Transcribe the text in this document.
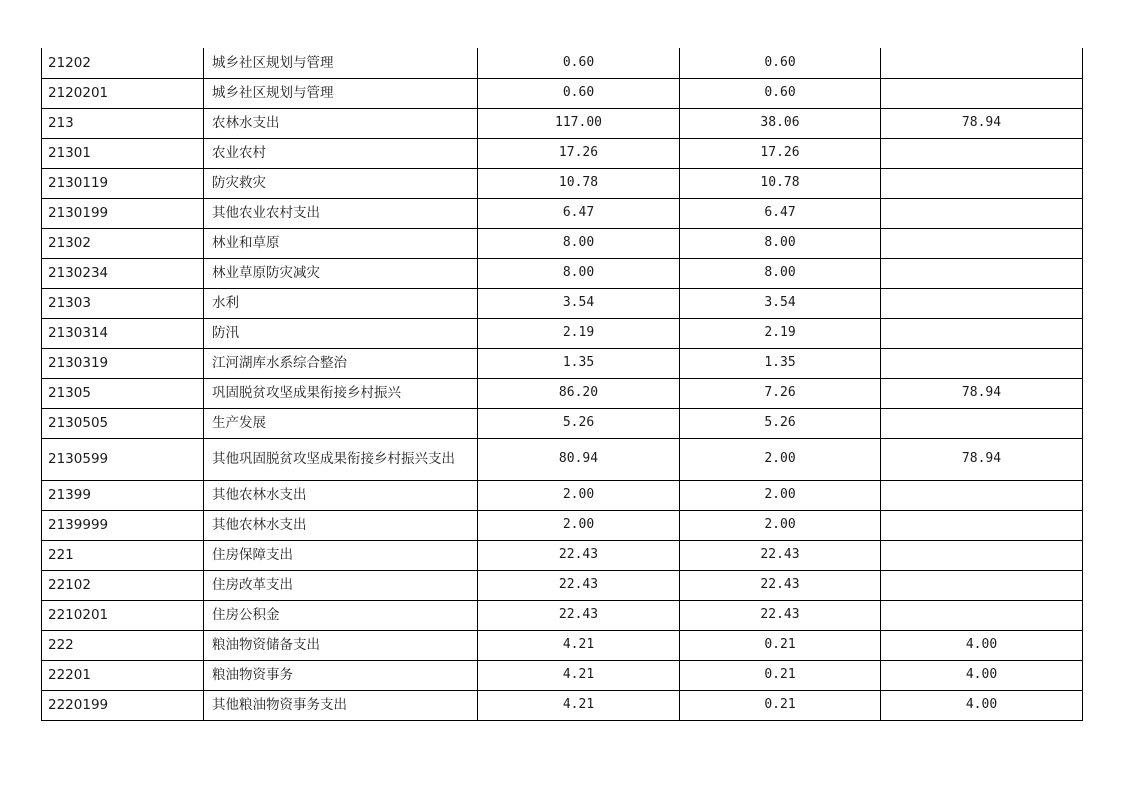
21202	城乡社区规划与管理	0.60	0.60	
2120201	城乡社区规划与管理	0.60	0.60	
213	农林水支出	117.00	38.06	78.94
21301	农业农村	17.26	17.26	
2130119	防灾救灾	10.78	10.78	
2130199	其他农业农村支出	6.47	6.47	
21302	林业和草原	8.00	8.00	
2130234	林业草原防灾减灾	8.00	8.00	
21303	水利	3.54	3.54	
2130314	防汛	2.19	2.19	
2130319	江河湖库水系综合整治	1.35	1.35	
21305	巩固脱贫攻坚成果衔接乡村振兴	86.20	7.26	78.94
2130505	生产发展	5.26	5.26	
2130599	其他巩固脱贫攻坚成果衔接乡村振兴支出	80.94	2.00	78.94
21399	其他农林水支出	2.00	2.00	
2139999	其他农林水支出	2.00	2.00	
221	住房保障支出	22.43	22.43	
22102	住房改革支出	22.43	22.43	
2210201	住房公积金	22.43	22.43	
222	粮油物资储备支出	4.21	0.21	4.00
22201	粮油物资事务	4.21	0.21	4.00
2220199	其他粮油物资事务支出	4.21	0.21	4.00
